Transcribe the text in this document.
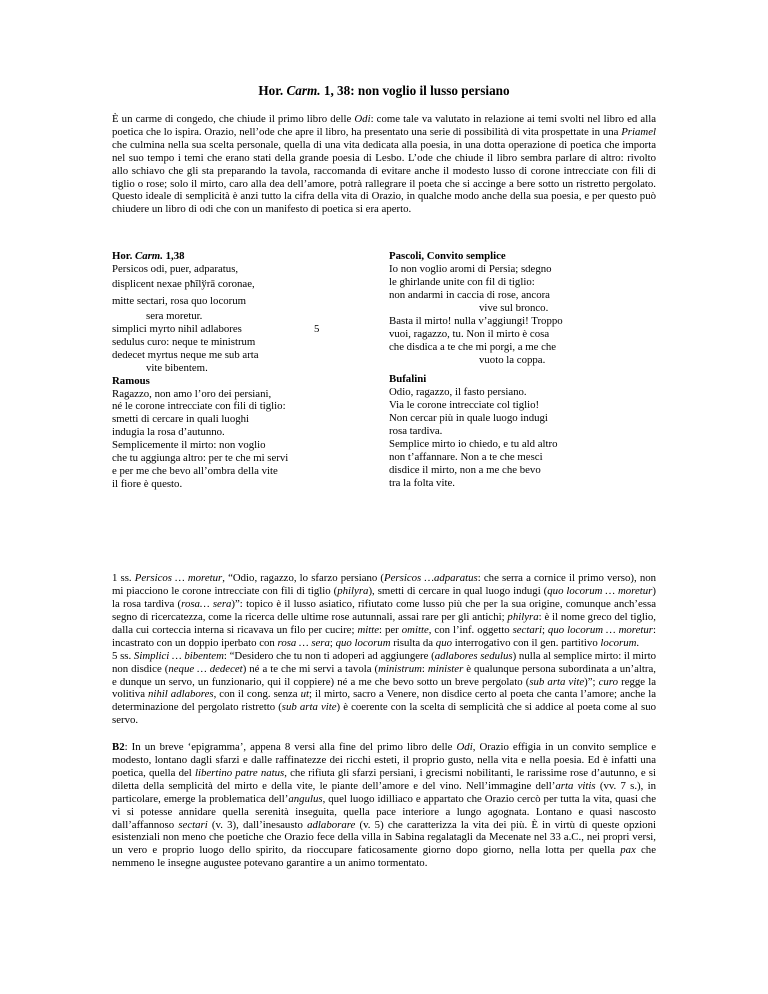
Hor. Carm. 1, 38: non voglio il lusso persiano
È un carme di congedo, che chiude il primo libro delle Odi: come tale va valutato in relazione ai temi svolti nel libro ed alla poetica che lo ispira. Orazio, nell’ode che apre il libro, ha presentato una serie di possibilità di vita prospettate in una Priamel che culmina nella sua scelta personale, quella di una vita dedicata alla poesia, in una dotta operazione di poetica che importa nel suo tempo i temi che erano stati della grande poesia di Lesbo. L’ode che chiude il libro sembra parlare di altro: rivolto allo schiavo che gli sta preparando la tavola, raccomanda di evitare anche il modesto lusso di corone intrecciate con fili di tiglio o rose; solo il mirto, caro alla dea dell’amore, potrà rallegrare il poeta che si accinge a bere sotto un ristretto pergolato. Questo ideale di semplicità è anzi tutto la cifra della vita di Orazio, in qualche modo anche della sua poesia, e per questo può chiudere un libro di odi che con un manifesto di poetica si era aperto.
Hor. Carm. 1,38
Persicos odi, puer, adparatus,
displicent nexae pħĭlўrā coronae,
mitte sectari, rosa quo locorum
sera moretur.
simplici myrto nihil adlabores	5
sedulus curo: neque te ministrum
dedecet myrtus neque me sub arta
vite bibentem.
Ramous
Ragazzo, non amo l’oro dei persiani,
né le corone intrecciate con fili di tiglio:
smetti di cercare in quali luoghi
indugia la rosa d’autunno.
Semplicemente il mirto: non voglio
che tu aggiunga altro: per te che mi servi
e per me che bevo all’ombra della vite
il fiore è questo.
Pascoli, Convito semplice
Io non voglio aromi di Persia; sdegno
le ghirlande unite con fil di tiglio:
non andarmi in caccia di rose, ancora
vive sul bronco.
Basta il mirto! nulla v’aggiungi! Troppo
vuoi, ragazzo, tu. Non il mirto è cosa
che disdica a te che mi porgi, a me che
vuoto la coppa.
Bufalini
Odio, ragazzo, il fasto persiano.
Via le corone intrecciate col tiglio!
Non cercar più in quale luogo indugi
rosa tardiva.
Semplice mirto io chiedo, e tu ald altro
non t’affannare. Non a te che mesci
disdice il mirto, non a me che bevo
tra la folta vite.

1 ss. Persicos … moretur, “Odio, ragazzo, lo sfarzo persiano (Persicos …adparatus: che serra a cornice il primo verso), non mi piacciono le corone intrecciate con fili di tiglio (philyra), smetti di cercare in qual luogo indugi (quo locorum … moretur) la rosa tardiva (rosa… sera)”: topico è il lusso asiatico, rifiutato come lusso più che per la sua origine, comunque anch’essa segno di ricercatezza, come la ricerca delle ultime rose autunnali, assai rare per gli antichi; philyra: è il nome greco del tiglio, dalla cui corteccia interna si ricavava un filo per cucire; mitte: per omitte, con l’inf. oggetto sectari; quo locorum … moretur: incastrato con un doppio iperbato con rosa … sera; quo locorum risulta da quo interrogativo con il gen. partitivo locorum.

5 ss. Simplici … bibentem: “Desidero che tu non ti adoperi ad aggiungere (adlabores sedulus) nulla al semplice mirto: il mirto non disdice (neque … dedecet) né a te che mi servi a tavola (ministrum: minister è qualunque persona subordinata a un’altra, e dunque un servo, un funzionario, qui il coppiere) né a me che bevo sotto un breve pergolato (sub arta vite)”; curo regge la volitiva nihil adlabores, con il cong. senza ut; il mirto, sacro a Venere, non disdice certo al poeta che canta l’amore; anche la determinazione del pergolato ristretto (sub arta vite) è coerente con la scelta di semplicità che si addice al poeta come al suo servo.

B2: In un breve ‘epigramma’, appena 8 versi alla fine del primo libro delle Odi, Orazio effigia in un convito semplice e modesto, lontano dagli sfarzi e dalle raffinatezze dei ricchi esteti, il proprio gusto, nella vita e nella poesia. Ed è infatti una poetica, quella del libertino patre natus, che rifiuta gli sfarzi persiani, i grecismi nobilitanti, le rarissime rose d’autunno, e si diletta della semplicità del mirto e della vite, le piante dell’amore e del vino. Nell’immagine dell’arta vitis (vv. 7 s.), in particolare, emerge la problematica dell’angulus, quel luogo idilliaco e appartato che Orazio cercò per tutta la vita, quasi che vi si potesse annidare quella serenità inseguita, quella pace interiore a lungo agognata. Lontano e quasi nascosto dall’affannoso sectari (v. 3), dall’inesausto adlaborare (v. 5) che caratterizza la vita dei più. È in virtù di queste opzioni esistenziali non meno che poetiche che Orazio fece della villa in Sabina regalatagli da Mecenate nel 33 a.C., nei propri versi, un vero e proprio luogo dello spirito, da rioccupare faticosamente giorno dopo giorno, nella lotta per quella pax che nemmeno le insegne augustee potevano garantire a un animo tormentato.
